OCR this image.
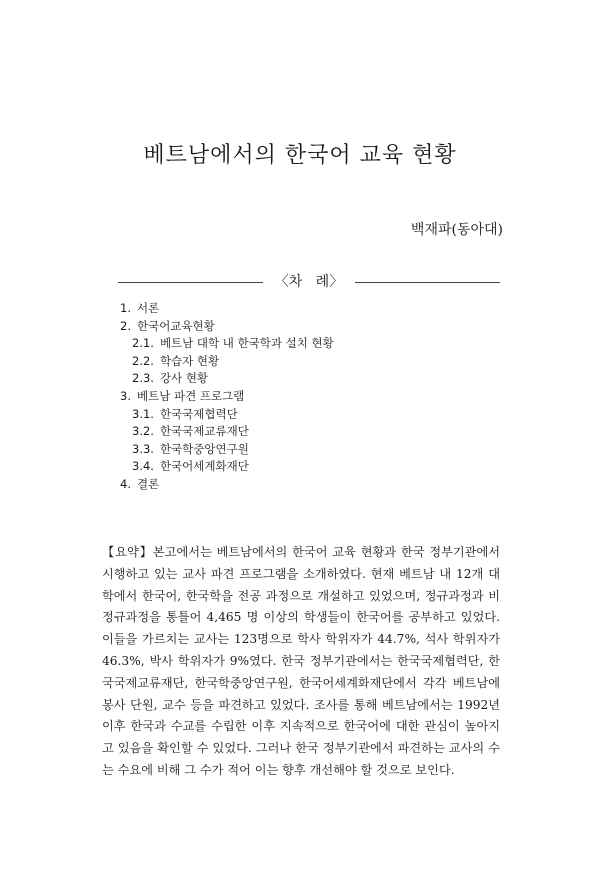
베트남에서의 한국어 교육 현황
백재파(동아대)
〈차   례〉
1. 서론
2. 한국어교육현황
2.1. 베트남 대학 내 한국학과 설치 현황
2.2. 학습자 현황
2.3. 강사 현황
3. 베트남 파견 프로그램
3.1. 한국국제협력단
3.2. 한국국제교류재단
3.3. 한국학중앙연구원
3.4. 한국어세계화재단
4. 결론

【요약】본고에서는 베트남에서의 한국어 교육 현황과 한국 정부기관에서 시행하고 있는 교사 파견 프로그램을 소개하였다. 현재 베트남 내 12개 대학에서 한국어, 한국학을 전공 과정으로 개설하고 있었으며, 정규과정과 비정규과정을 통틀어 4,465 명 이상의 학생들이 한국어를 공부하고 있었다. 이들을 가르치는 교사는 123명으로 학사 학위자가 44.7%, 석사 학위자가 46.3%, 박사 학위자가 9%였다. 한국 정부기관에서는 한국국제협력단, 한국국제교류재단, 한국학중앙연구원, 한국어세계화재단에서 각각 베트남에 봉사 단원, 교수 등을 파견하고 있었다. 조사를 통해 베트남에서는 1992년 이후 한국과 수교를 수립한 이후 지속적으로 한국어에 대한 관심이 높아지고 있음을 확인할 수 있었다. 그러나 한국 정부기관에서 파견하는 교사의 수는 수요에 비해 그 수가 적어 이는 향후 개선해야 할 것으로 보인다.
